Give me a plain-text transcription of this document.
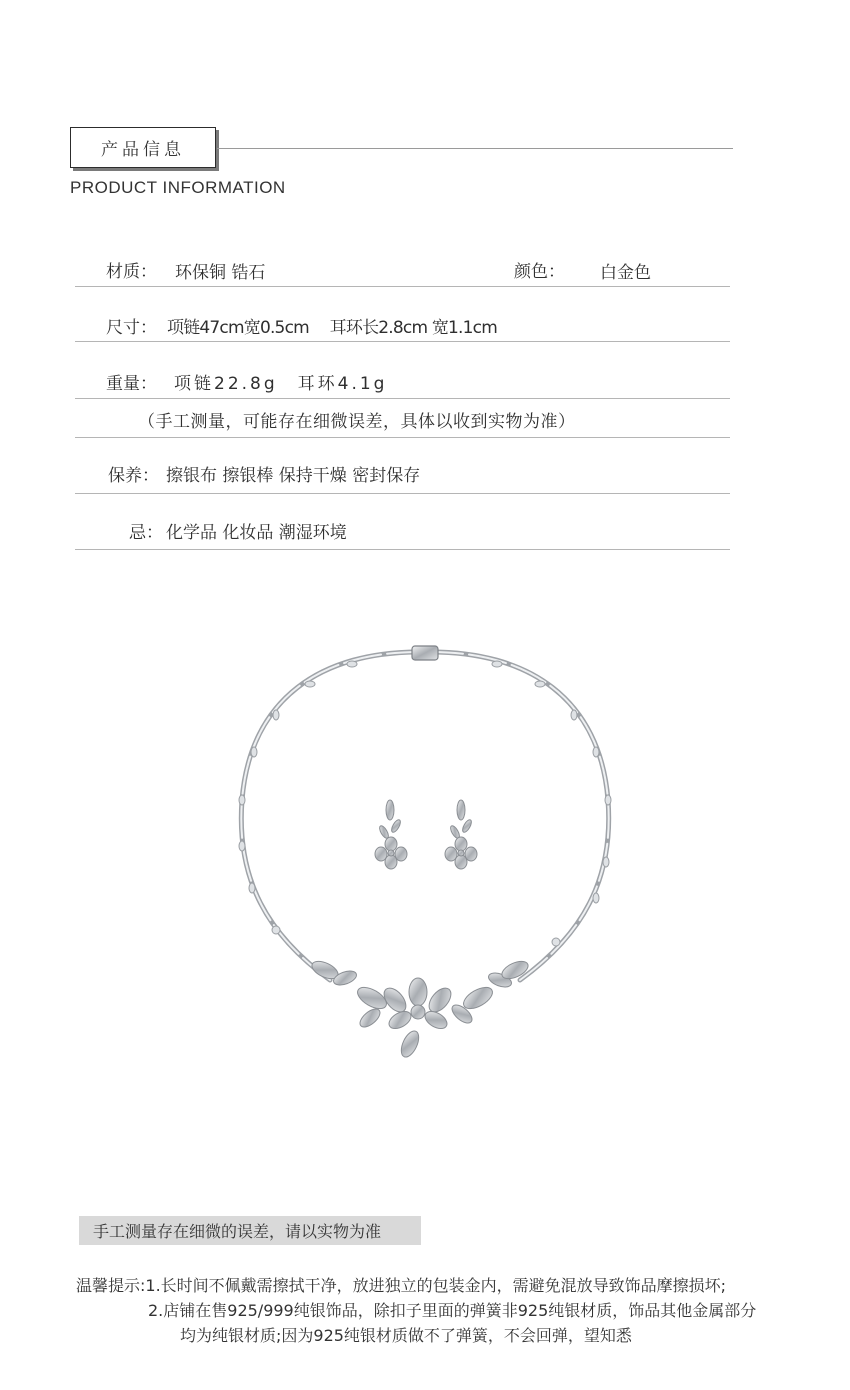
产品信息
PRODUCT INFORMATION
材质： 环保铜 锆石	颜色： 白金色
尺寸： 项链47cm宽0.5cm　 耳环长2.8cm 宽1.1cm
重量： 项链22.8g　耳环4.1g
（手工测量，可能存在细微误差，具体以收到实物为准）
保养： 擦银布 擦银棒 保持干燥 密封保存
忌： 化学品 化妆品 潮湿环境
手工测量存在细微的误差，请以实物为准
温馨提示:1.长时间不佩戴需擦拭干净，放进独立的包装金内，需避免混放导致饰品摩擦损坏;
2.店铺在售925/999纯银饰品，除扣子里面的弹簧非925纯银材质，饰品其他金属部分
均为纯银材质;因为925纯银材质做不了弹簧，不会回弹，望知悉
